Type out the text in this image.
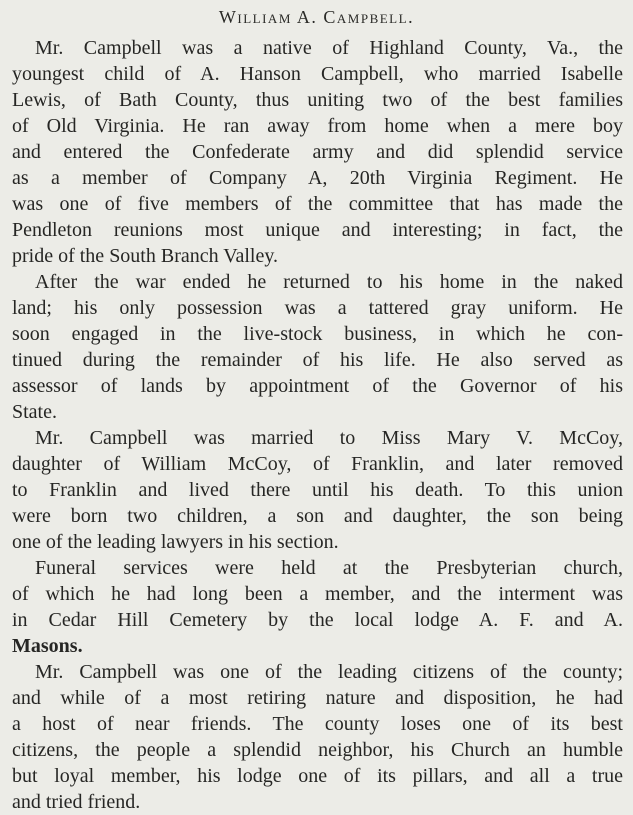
William A. Campbell.
Mr. Campbell was a native of Highland County, Va., the
youngest child of A. Hanson Campbell, who married Isabelle
Lewis, of Bath County, thus uniting two of the best families
of Old Virginia. He ran away from home when a mere boy
and entered the Confederate army and did splendid service
as a member of Company A, 20th Virginia Regiment. He
was one of five members of the committee that has made the
Pendleton reunions most unique and interesting; in fact, the
pride of the South Branch Valley.
After the war ended he returned to his home in the naked
land; his only possession was a tattered gray uniform. He
soon engaged in the live-stock business, in which he con-
tinued during the remainder of his life. He also served as
assessor of lands by appointment of the Governor of his
State.
Mr. Campbell was married to Miss Mary V. McCoy,
daughter of William McCoy, of Franklin, and later removed
to Franklin and lived there until his death. To this union
were born two children, a son and daughter, the son being
one of the leading lawyers in his section.
Funeral services were held at the Presbyterian church,
of which he had long been a member, and the interment was
in Cedar Hill Cemetery by the local lodge A. F. and A.
Masons.
Mr. Campbell was one of the leading citizens of the county;
and while of a most retiring nature and disposition, he had
a host of near friends. The county loses one of its best
citizens, the people a splendid neighbor, his Church an humble
but loyal member, his lodge one of its pillars, and all a true
and tried friend.
